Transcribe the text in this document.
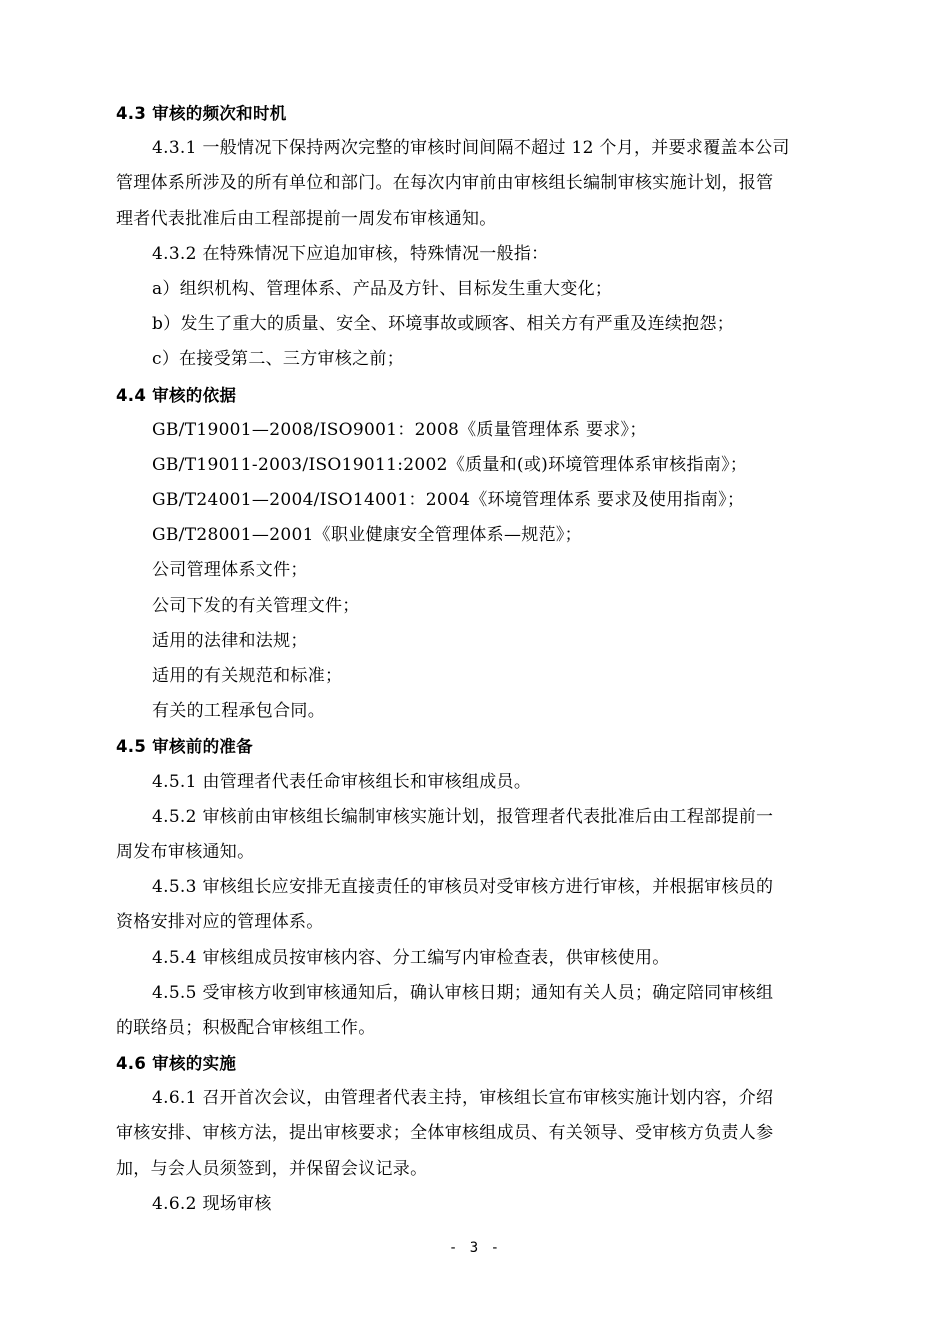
4.3 审核的频次和时机
4.3.1 一般情况下保持两次完整的审核时间间隔不超过 12 个月，并要求覆盖本公司
管理体系所涉及的所有单位和部门。在每次内审前由审核组长编制审核实施计划，报管
理者代表批准后由工程部提前一周发布审核通知。
4.3.2 在特殊情况下应追加审核，特殊情况一般指：
a）组织机构、管理体系、产品及方针、目标发生重大变化；
b）发生了重大的质量、安全、环境事故或顾客、相关方有严重及连续抱怨；
c）在接受第二、三方审核之前；
4.4 审核的依据
GB/T19001—2008/ISO9001：2008《质量管理体系 要求》；
GB/T19011-2003/ISO19011:2002《质量和(或)环境管理体系审核指南》；
GB/T24001—2004/ISO14001：2004《环境管理体系 要求及使用指南》；
GB/T28001—2001《职业健康安全管理体系—规范》；
公司管理体系文件；
公司下发的有关管理文件；
适用的法律和法规；
适用的有关规范和标准；
有关的工程承包合同。
4.5 审核前的准备
4.5.1 由管理者代表任命审核组长和审核组成员。
4.5.2 审核前由审核组长编制审核实施计划，报管理者代表批准后由工程部提前一
周发布审核通知。
4.5.3 审核组长应安排无直接责任的审核员对受审核方进行审核，并根据审核员的
资格安排对应的管理体系。
4.5.4 审核组成员按审核内容、分工编写内审检查表，供审核使用。
4.5.5 受审核方收到审核通知后，确认审核日期；通知有关人员；确定陪同审核组
的联络员；积极配合审核组工作。
4.6 审核的实施
4.6.1 召开首次会议，由管理者代表主持，审核组长宣布审核实施计划内容，介绍
审核安排、审核方法，提出审核要求；全体审核组成员、有关领导、受审核方负责人参
加，与会人员须签到，并保留会议记录。
4.6.2 现场审核
- 3 -
